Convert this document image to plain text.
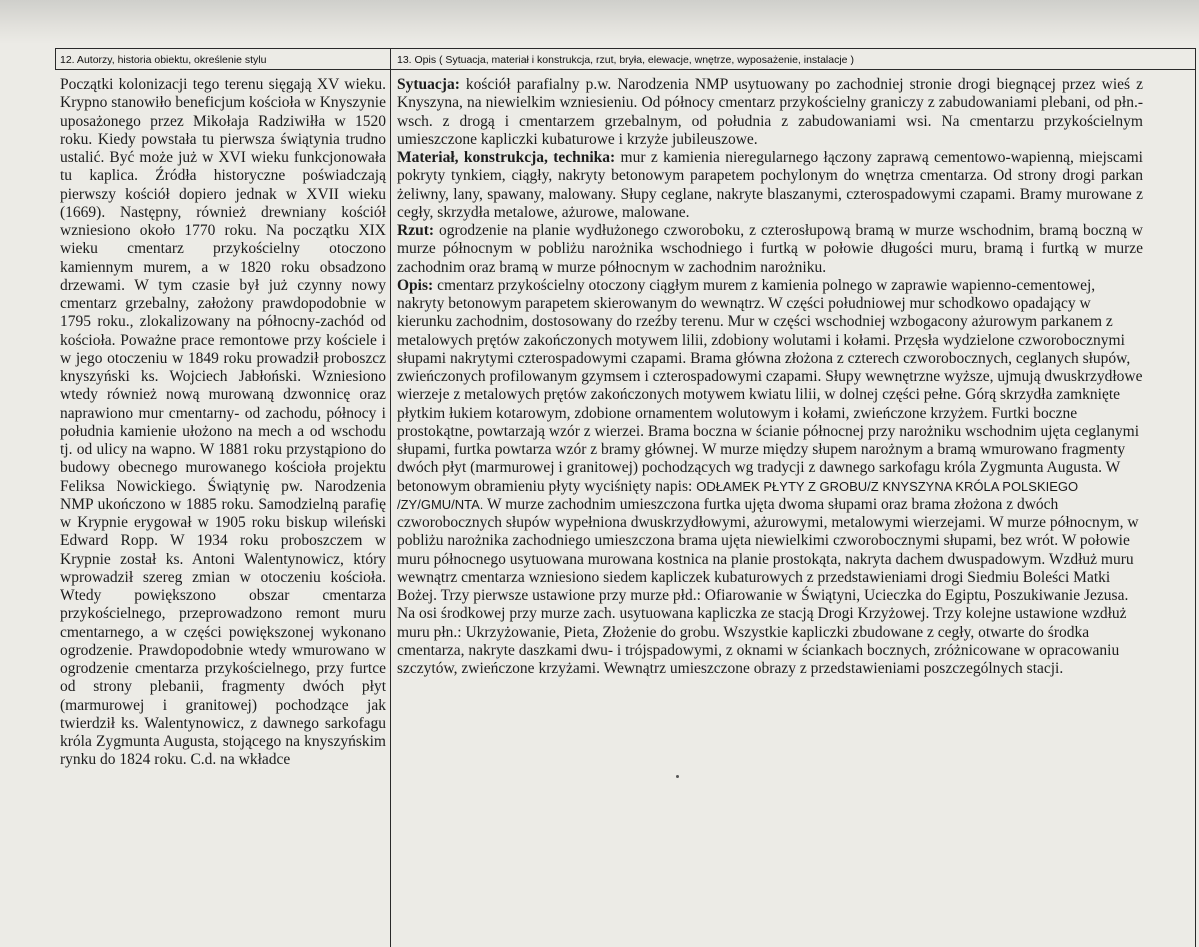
12. Autorzy, historia obiektu, określenie stylu	13. Opis ( Sytuacja, materiał i konstrukcja, rzut, bryła, elewacje, wnętrze, wyposażenie, instalacje )

Początki kolonizacji tego terenu sięgają XV wieku. Krypno stanowiło beneficjum kościoła w Knyszynie uposażonego przez Mikołaja Radziwiłła w 1520 roku. Kiedy powstała tu pierwsza świątynia trudno ustalić. Być może już w XVI wieku funkcjonowała tu kaplica. Źródła historyczne poświadczają pierwszy kościół dopiero jednak w XVII wieku (1669). Następny, również drewniany kościół wzniesiono około 1770 roku. Na początku XIX wieku cmentarz przykościelny otoczono kamiennym murem, a w 1820 roku obsadzono drzewami. W tym czasie był już czynny nowy cmentarz grzebalny, założony prawdopodobnie w 1795 roku., zlokalizowany na północny-zachód od kościoła. Poważne prace remontowe przy kościele i w jego otoczeniu w 1849 roku prowadził proboszcz knyszyński ks. Wojciech Jabłoński. Wzniesiono wtedy również nową murowaną dzwonnicę oraz naprawiono mur cmentarny- od zachodu, północy i południa kamienie ułożono na mech a od wschodu tj. od ulicy na wapno. W 1881 roku przystąpiono do budowy obecnego murowanego kościoła projektu Feliksa Nowickiego. Świątynię pw. Narodzenia NMP ukończono w 1885 roku. Samodzielną parafię w Krypnie erygował w 1905 roku biskup wileński Edward Ropp. W 1934 roku proboszczem w Krypnie został ks. Antoni Walentynowicz, który wprowadził szereg zmian w otoczeniu kościoła. Wtedy powiększono obszar cmentarza przykościelnego, przeprowadzono remont muru cmentarnego, a w części powiększonej wykonano ogrodzenie. Prawdopodobnie wtedy wmurowano w ogrodzenie cmentarza przykościelnego, przy furtce od strony plebanii, fragmenty dwóch płyt (marmurowej i granitowej) pochodzące jak twierdził ks. Walentynowicz, z dawnego sarkofagu króla Zygmunta Augusta, stojącego na knyszyńskim rynku do 1824 roku. C.d. na wkładce

Sytuacja: kościół parafialny p.w. Narodzenia NMP usytuowany po zachodniej stronie drogi biegnącej przez wieś z Knyszyna, na niewielkim wzniesieniu. Od północy cmentarz przykościelny graniczy z zabudowaniami plebani, od płn.-wsch. z drogą i cmentarzem grzebalnym, od południa z zabudowaniami wsi. Na cmentarzu przykościelnym umieszczone kapliczki kubaturowe i krzyże jubileuszowe.

Materiał, konstrukcja, technika: mur z kamienia nieregularnego łączony zaprawą cementowo-wapienną, miejscami pokryty tynkiem, ciągły, nakryty betonowym parapetem pochylonym do wnętrza cmentarza. Od strony drogi parkan żeliwny, lany, spawany, malowany. Słupy ceglane, nakryte blaszanymi, czterospadowymi czapami. Bramy murowane z cegły, skrzydła metalowe, ażurowe, malowane.

Rzut: ogrodzenie na planie wydłużonego czworoboku, z czterosłupową bramą w murze wschodnim, bramą boczną w murze północnym w pobliżu narożnika wschodniego i furtką w połowie długości muru, bramą i furtką w murze zachodnim oraz bramą w murze północnym w zachodnim narożniku.

Opis: cmentarz przykościelny otoczony ciągłym murem z kamienia polnego w zaprawie wapienno-cementowej, nakryty betonowym parapetem skierowanym do wewnątrz. W części południowej mur schodkowo opadający w kierunku zachodnim, dostosowany do rzeźby terenu. Mur w części wschodniej wzbogacony ażurowym parkanem z metalowych prętów zakończonych motywem lilii, zdobiony wolutami i kołami. Przęsła wydzielone czworobocznymi słupami nakrytymi czterospadowymi czapami. Brama główna złożona z czterech czworobocznych, ceglanych słupów, zwieńczonych profilowanym gzymsem i czterospadowymi czapami. Słupy wewnętrzne wyższe, ujmują dwuskrzydłowe wierzeje z metalowych prętów zakończonych motywem kwiatu lilii, w dolnej części pełne. Górą skrzydła zamknięte płytkim łukiem kotarowym, zdobione ornamentem wolutowym i kołami, zwieńczone krzyżem. Furtki boczne prostokątne, powtarzają wzór z wierzei. Brama boczna w ścianie północnej przy narożniku wschodnim ujęta ceglanymi słupami, furtka powtarza wzór z bramy głównej. W murze między słupem narożnym a bramą wmurowano fragmenty dwóch płyt (marmurowej i granitowej) pochodzących wg tradycji z dawnego sarkofagu króla Zygmunta Augusta. W betonowym obramieniu płyty wyciśnięty napis: ODŁAMEK PŁYTY Z GROBU/Z KNYSZYNA KRÓLA POLSKIEGO /ZY/GMU/NTA. W murze zachodnim umieszczona furtka ujęta dwoma słupami oraz brama złożona z dwóch czworobocznych słupów wypełniona dwuskrzydłowymi, ażurowymi, metalowymi wierzejami. W murze północnym, w pobliżu narożnika zachodniego umieszczona brama ujęta niewielkimi czworobocznymi słupami, bez wrót. W połowie muru północnego usytuowana murowana kostnica na planie prostokąta, nakryta dachem dwuspadowym. Wzdłuż muru wewnątrz cmentarza wzniesiono siedem kapliczek kubaturowych z przedstawieniami drogi Siedmiu Boleści Matki Bożej. Trzy pierwsze ustawione przy murze płd.: Ofiarowanie w Świątyni, Ucieczka do Egiptu, Poszukiwanie Jezusa. Na osi środkowej przy murze zach. usytuowana kapliczka ze stacją Drogi Krzyżowej. Trzy kolejne ustawione wzdłuż muru płn.: Ukrzyżowanie, Pieta, Złożenie do grobu. Wszystkie kapliczki zbudowane z cegły, otwarte do środka cmentarza, nakryte daszkami dwu- i trójspadowymi, z oknami w ściankach bocznych, zróżnicowane w opracowaniu szczytów, zwieńczone krzyżami. Wewnątrz umieszczone obrazy z przedstawieniami poszczególnych stacji.
